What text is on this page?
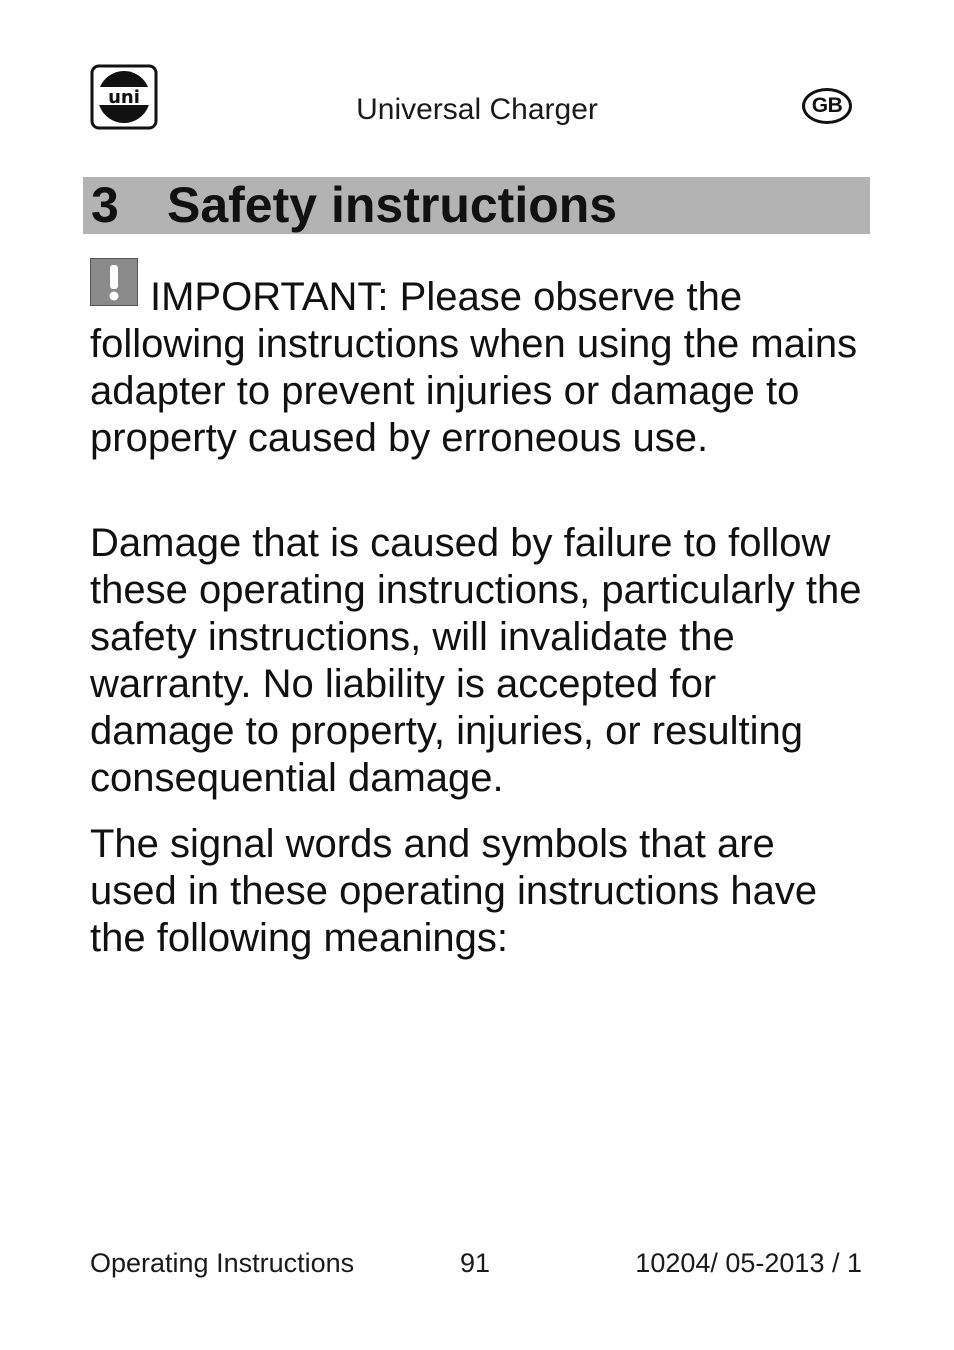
uni	Universal Charger	GB
3 Safety instructions

IMPORTANT: Please observe the following instructions when using the mains adapter to prevent injuries or damage to property caused by erroneous use.

Damage that is caused by failure to follow these operating instructions, particularly the safety instructions, will invalidate the warranty. No liability is accepted for damage to property, injuries, or resulting consequential damage.

The signal words and symbols that are used in these operating instructions have the following meanings:

Operating Instructions	91	10204/ 05-2013 / 1
